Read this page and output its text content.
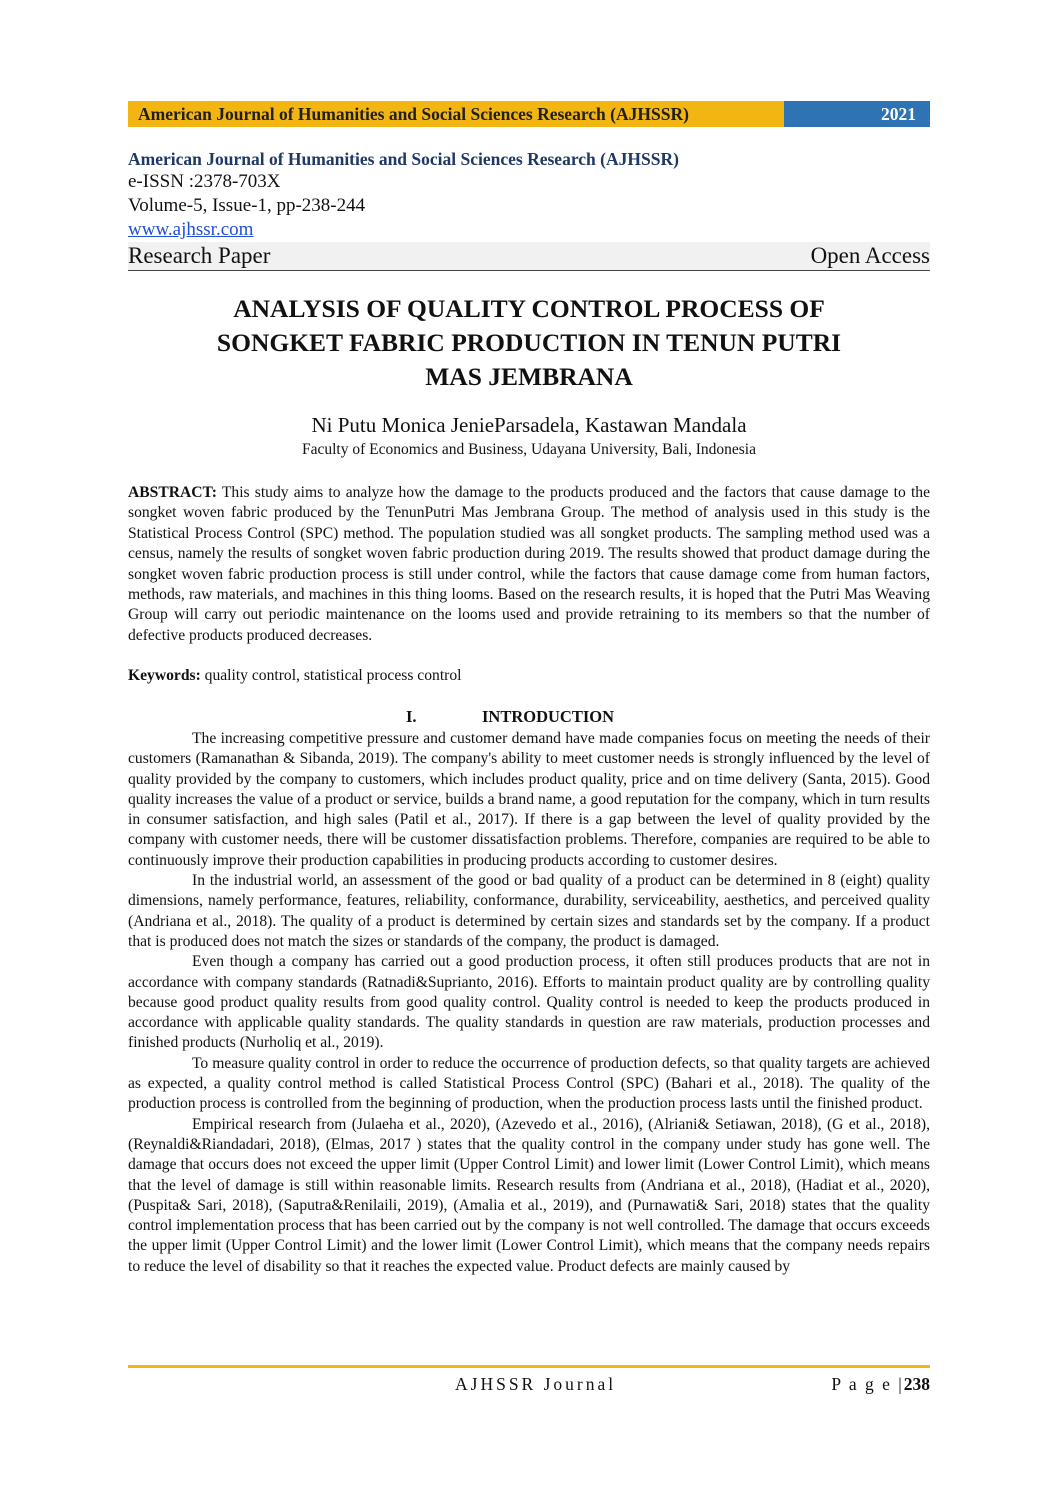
American Journal of Humanities and Social Sciences Research (AJHSSR)	2021
American Journal of Humanities and Social Sciences Research (AJHSSR)
e-ISSN :2378-703X
Volume-5, Issue-1, pp-238-244
www.ajhssr.com
Research Paper	Open Access
ANALYSIS OF QUALITY CONTROL PROCESS OF
SONGKET FABRIC PRODUCTION IN TENUN PUTRI
MAS JEMBRANA
Ni Putu Monica JenieParsadela, Kastawan Mandala
Faculty of Economics and Business, Udayana University, Bali, Indonesia
ABSTRACT: This study aims to analyze how the damage to the products produced and the factors that cause damage to the songket woven fabric produced by the TenunPutri Mas Jembrana Group. The method of analysis used in this study is the Statistical Process Control (SPC) method. The population studied was all songket products. The sampling method used was a census, namely the results of songket woven fabric production during 2019. The results showed that product damage during the songket woven fabric production process is still under control, while the factors that cause damage come from human factors, methods, raw materials, and machines in this thing looms. Based on the research results, it is hoped that the Putri Mas Weaving Group will carry out periodic maintenance on the looms used and provide retraining to its members so that the number of defective products produced decreases.
Keywords: quality control, statistical process control
I.	INTRODUCTION

The increasing competitive pressure and customer demand have made companies focus on meeting the needs of their customers (Ramanathan & Sibanda, 2019). The company's ability to meet customer needs is strongly influenced by the level of quality provided by the company to customers, which includes product quality, price and on time delivery (Santa, 2015). Good quality increases the value of a product or service, builds a brand name, a good reputation for the company, which in turn results in consumer satisfaction, and high sales (Patil et al., 2017). If there is a gap between the level of quality provided by the company with customer needs, there will be customer dissatisfaction problems. Therefore, companies are required to be able to continuously improve their production capabilities in producing products according to customer desires.

In the industrial world, an assessment of the good or bad quality of a product can be determined in 8 (eight) quality dimensions, namely performance, features, reliability, conformance, durability, serviceability, aesthetics, and perceived quality (Andriana et al., 2018). The quality of a product is determined by certain sizes and standards set by the company. If a product that is produced does not match the sizes or standards of the company, the product is damaged.

Even though a company has carried out a good production process, it often still produces products that are not in accordance with company standards (Ratnadi&Suprianto, 2016). Efforts to maintain product quality are by controlling quality because good product quality results from good quality control. Quality control is needed to keep the products produced in accordance with applicable quality standards. The quality standards in question are raw materials, production processes and finished products (Nurholiq et al., 2019).

To measure quality control in order to reduce the occurrence of production defects, so that quality targets are achieved as expected, a quality control method is called Statistical Process Control (SPC) (Bahari et al., 2018). The quality of the production process is controlled from the beginning of production, when the production process lasts until the finished product.

Empirical research from (Julaeha et al., 2020), (Azevedo et al., 2016), (Alriani& Setiawan, 2018), (G et al., 2018), (Reynaldi&Riandadari, 2018), (Elmas, 2017 ) states that the quality control in the company under study has gone well. The damage that occurs does not exceed the upper limit (Upper Control Limit) and lower limit (Lower Control Limit), which means that the level of damage is still within reasonable limits. Research results from (Andriana et al., 2018), (Hadiat et al., 2020), (Puspita& Sari, 2018), (Saputra&Renilaili, 2019), (Amalia et al., 2019), and (Purnawati& Sari, 2018) states that the quality control implementation process that has been carried out by the company is not well controlled. The damage that occurs exceeds the upper limit (Upper Control Limit) and the lower limit (Lower Control Limit), which means that the company needs repairs to reduce the level of disability so that it reaches the expected value. Product defects are mainly caused by

AJHSSR Journal	P a g e |238
